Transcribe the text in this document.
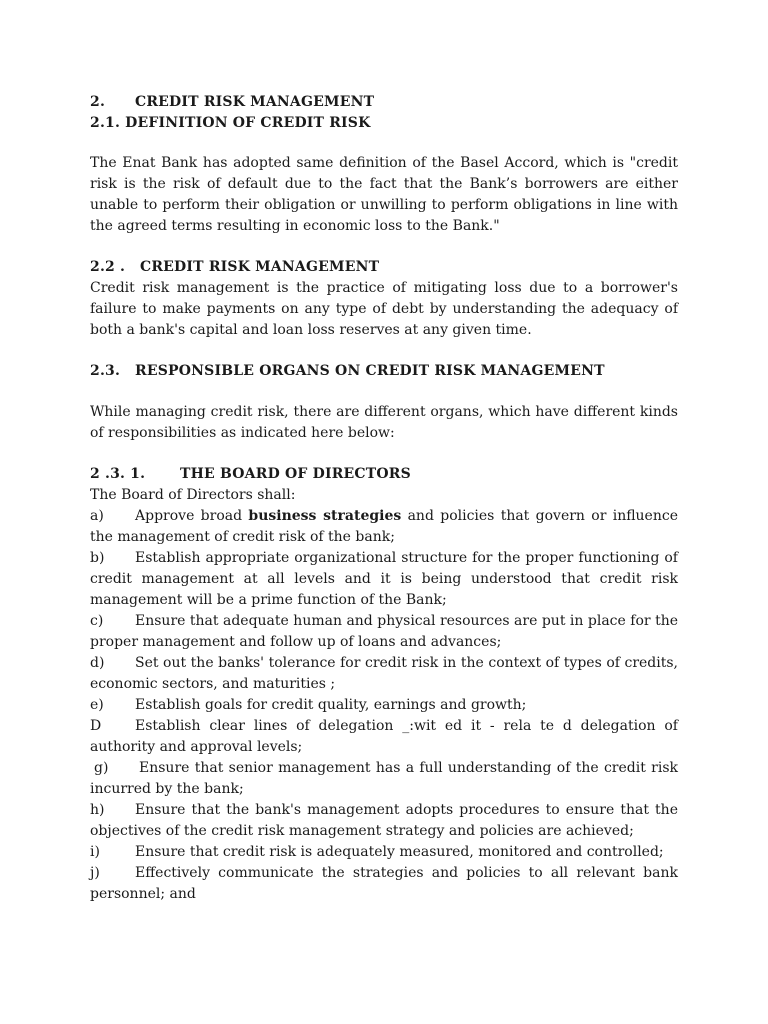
2. CREDIT RISK MANAGEMENT
2.1. DEFINITION OF CREDIT RISK

The Enat Bank has adopted same definition of the Basel Accord, which is "credit risk is the risk of default due to the fact that the Bank’s borrowers are either unable to perform their obligation or unwilling to perform obligations in line with the agreed terms resulting in economic loss to the Bank."

2.2 . CREDIT RISK MANAGEMENT

Credit risk management is the practice of mitigating loss due to a borrower's failure to make payments on any type of debt by understanding the adequacy of both a bank's capital and loan loss reserves at any given time.

2.3. RESPONSIBLE ORGANS ON CREDIT RISK MANAGEMENT

While managing credit risk, there are different organs, which have different kinds of responsibilities as indicated here below:

2 .3. 1. THE BOARD OF DIRECTORS

The Board of Directors shall:

a) Approve broad business strategies and policies that govern or influence the management of credit risk of the bank;

b) Establish appropriate organizational structure for the proper functioning of credit management at all levels and it is being understood that credit risk management will be a prime function of the Bank;

c) Ensure that adequate human and physical resources are put in place for the proper management and follow up of loans and advances;

d) Set out the banks' tolerance for credit risk in the context of types of credits, economic sectors, and maturities ;

e) Establish goals for credit quality, earnings and growth;

D Establish clear lines of delegation _:wit ed it - rela te d delegation of authority and approval levels;

g) Ensure that senior management has a full understanding of the credit risk incurred by the bank;

h) Ensure that the bank's management adopts procedures to ensure that the objectives of the credit risk management strategy and policies are achieved;

i)	Ensure that credit risk is adequately measured, monitored and controlled;

j)	Effectively communicate the strategies and policies to all relevant bank personnel; and
